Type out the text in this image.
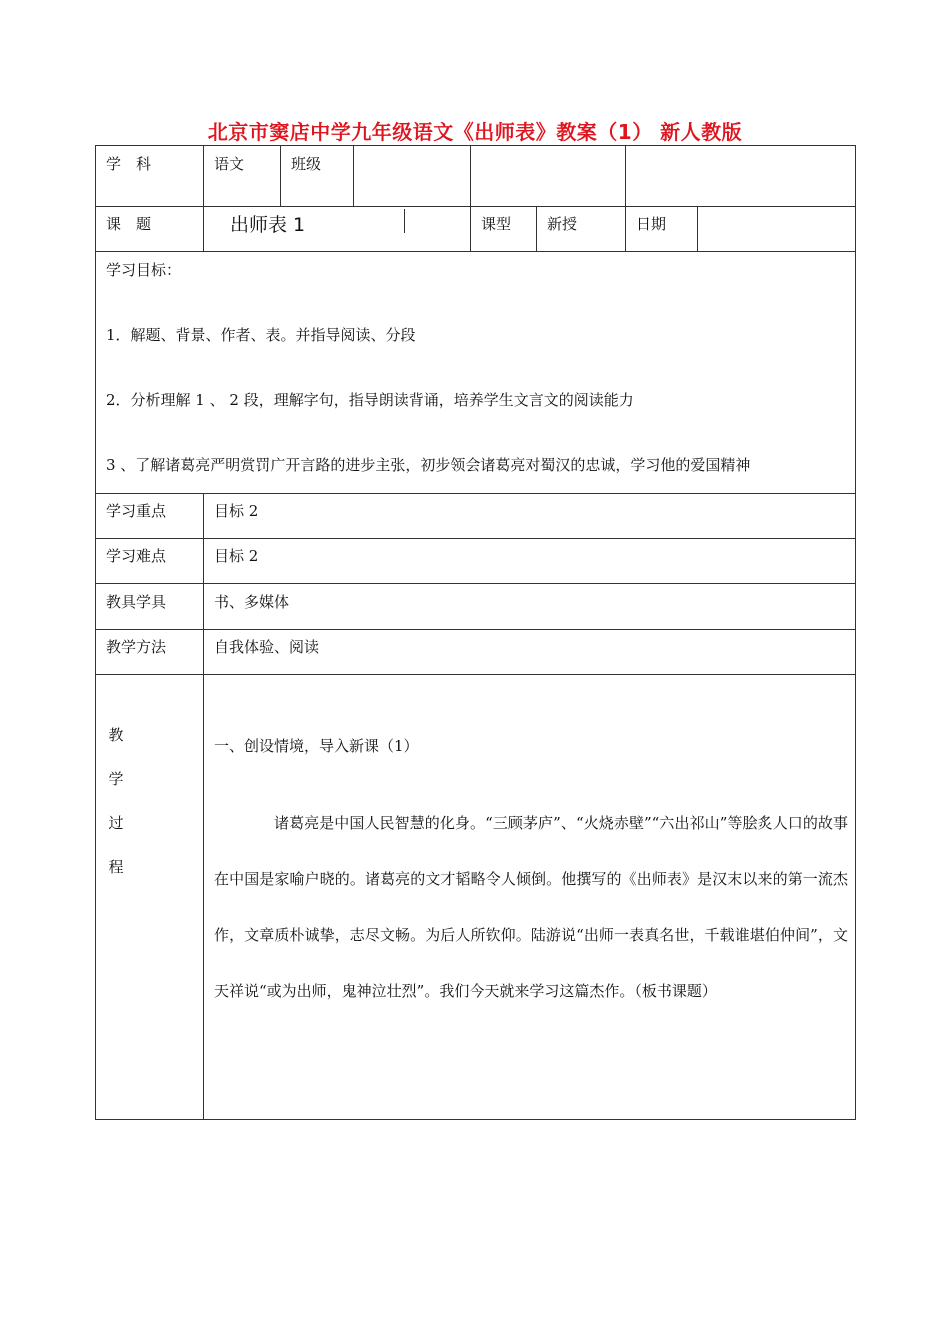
北京市窦店中学九年级语文《出师表》教案（1） 新人教版
学　科	语文	班级
课　题	出师表 1	课型 新授	日期
学习目标：
1．解题、背景、作者、表。并指导阅读、分段
2．分析理解 1 、 2 段，理解字句，指导朗读背诵，培养学生文言文的阅读能力
3 、了解诸葛亮严明赏罚广开言路的进步主张，初步领会诸葛亮对蜀汉的忠诚，学习他的爱国精神
学习重点	目标 2
学习难点	目标 2
教具学具	书、多媒体
教学方法	自我体验、阅读
教
学
过
程
一、创设情境，导入新课（1）
诸葛亮是中国人民智慧的化身。“三顾茅庐”、“火烧赤壁”“六出祁山”等脍炙人口的故事在中国是家喻户晓的。诸葛亮的文才韬略令人倾倒。他撰写的《出师表》是汉末以来的第一流杰作，文章质朴诚挚，志尽文畅。为后人所钦仰。陆游说“出师一表真名世，千载谁堪伯仲间”，文天祥说“或为出师，鬼神泣壮烈”。我们今天就来学习这篇杰作。（板书课题）
